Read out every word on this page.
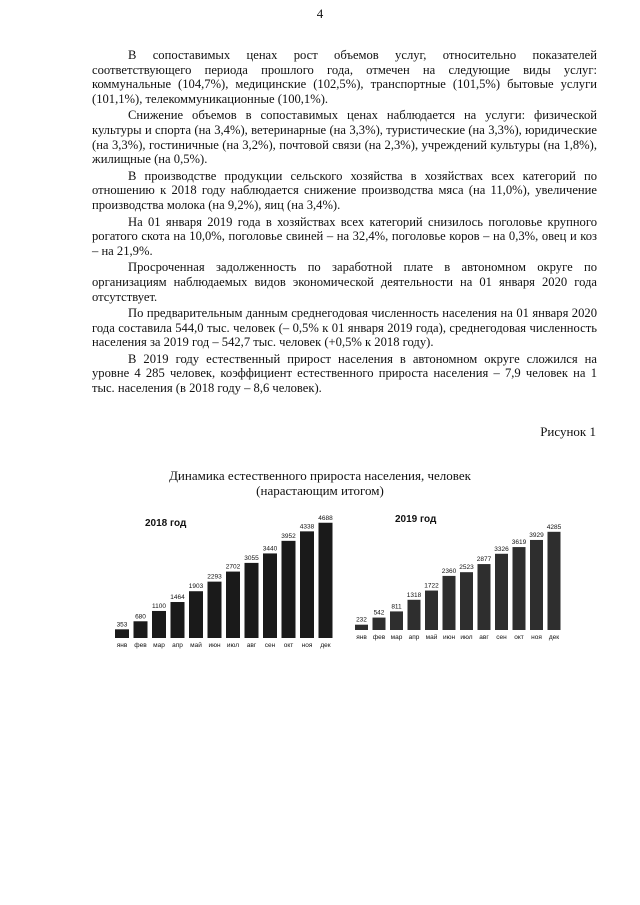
4

В сопоставимых ценах рост объемов услуг, относительно показателей соответствующего периода прошлого года, отмечен на следующие виды услуг: коммунальные (104,7%), медицинские (102,5%), транспортные (101,5%) бытовые услуги (101,1%), телекоммуникационные (100,1%).

Снижение объемов в сопоставимых ценах наблюдается на услуги: физической культуры и спорта (на 3,4%), ветеринарные (на 3,3%), туристические (на 3,3%), юридические (на 3,3%), гостиничные (на 3,2%), почтовой связи (на 2,3%), учреждений культуры (на 1,8%), жилищные (на 0,5%).

В производстве продукции сельского хозяйства в хозяйствах всех категорий по отношению к 2018 году наблюдается снижение производства мяса (на 11,0%), увеличение производства молока (на 9,2%), яиц (на 3,4%).

На 01 января 2019 года в хозяйствах всех категорий снизилось поголовье крупного рогатого скота на 10,0%, поголовье свиней – на 32,4%, поголовье коров – на 0,3%, овец и коз – на 21,9%.

Просроченная задолженность по заработной плате в автономном округе по организациям наблюдаемых видов экономической деятельности на 01 января 2020 года отсутствует.

По предварительным данным среднегодовая численность населения на 01 января 2020 года составила 544,0 тыс. человек (– 0,5% к 01 января 2019 года), среднегодовая численность населения за 2019 год – 542,7 тыс. человек (+0,5% к 2018 году).

В 2019 году естественный прирост населения в автономном округе сложился на уровне 4 285 человек, коэффициент естественного прироста населения – 7,9 человек на 1 тыс. населения (в 2018 году – 8,6 человек).

Рисунок 1
Динамика естественного прироста населения, человек
(нарастающим итогом)
2018 год
353
янв
680
фев
1100
мар
1464
апр
1903
май
2293
июн
2702
июл
3055
авг
3440
сен
3952
окт
4338
ноя
4688
дек
2019 год
232
янв
542
фев
811
мар
1318
апр
1722
май
2360
июн
2523
июл
2877
авг
3326
сен
3619
окт
3929
ноя
4285
дек
